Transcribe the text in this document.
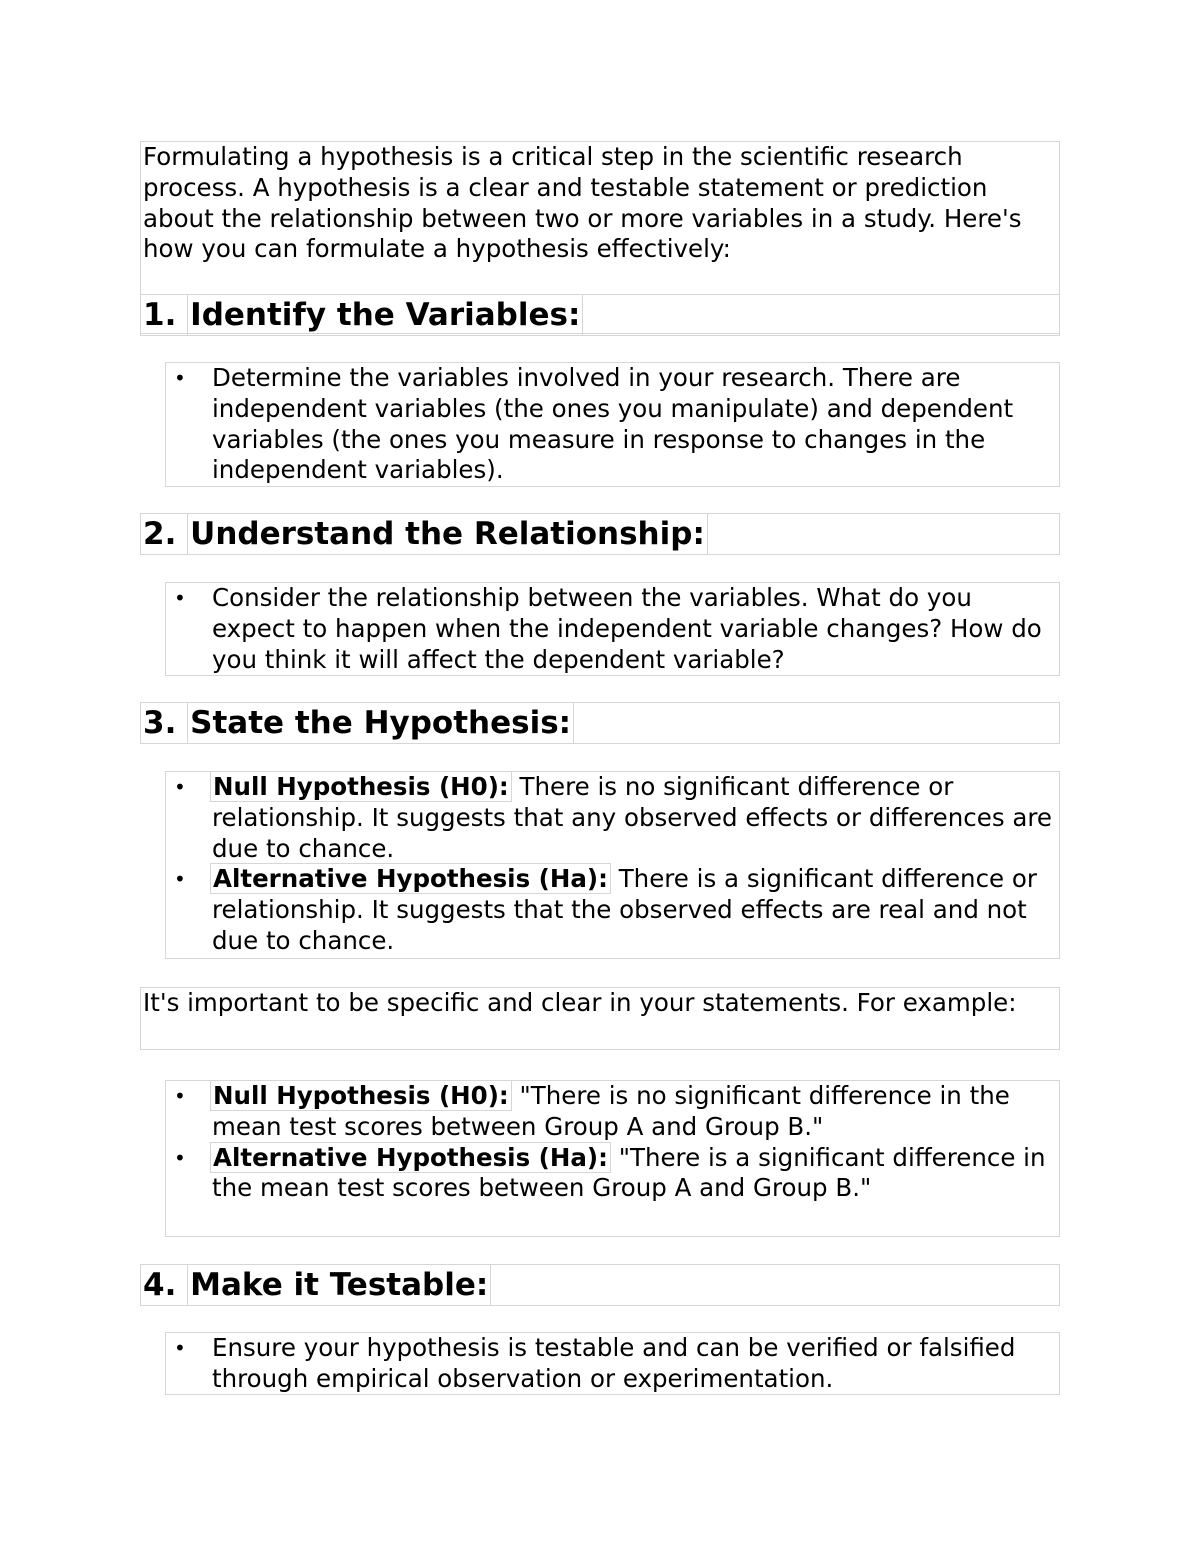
Formulating a hypothesis is a critical step in the scientific research process. A hypothesis is a clear and testable statement or prediction about the relationship between two or more variables in a study. Here's how you can formulate a hypothesis effectively:
1. Identify the Variables:
• Determine the variables involved in your research. There are independent variables (the ones you manipulate) and dependent variables (the ones you measure in response to changes in the independent variables).
2. Understand the Relationship:
• Consider the relationship between the variables. What do you expect to happen when the independent variable changes? How do you think it will affect the dependent variable?
3. State the Hypothesis:
• Null Hypothesis (H0): There is no significant difference or relationship. It suggests that any observed effects or differences are due to chance.
• Alternative Hypothesis (Ha): There is a significant difference or relationship. It suggests that the observed effects are real and not due to chance.
It's important to be specific and clear in your statements. For example:
• Null Hypothesis (H0): "There is no significant difference in the mean test scores between Group A and Group B."
• Alternative Hypothesis (Ha): "There is a significant difference in the mean test scores between Group A and Group B."
4. Make it Testable:
• Ensure your hypothesis is testable and can be verified or falsified through empirical observation or experimentation.
